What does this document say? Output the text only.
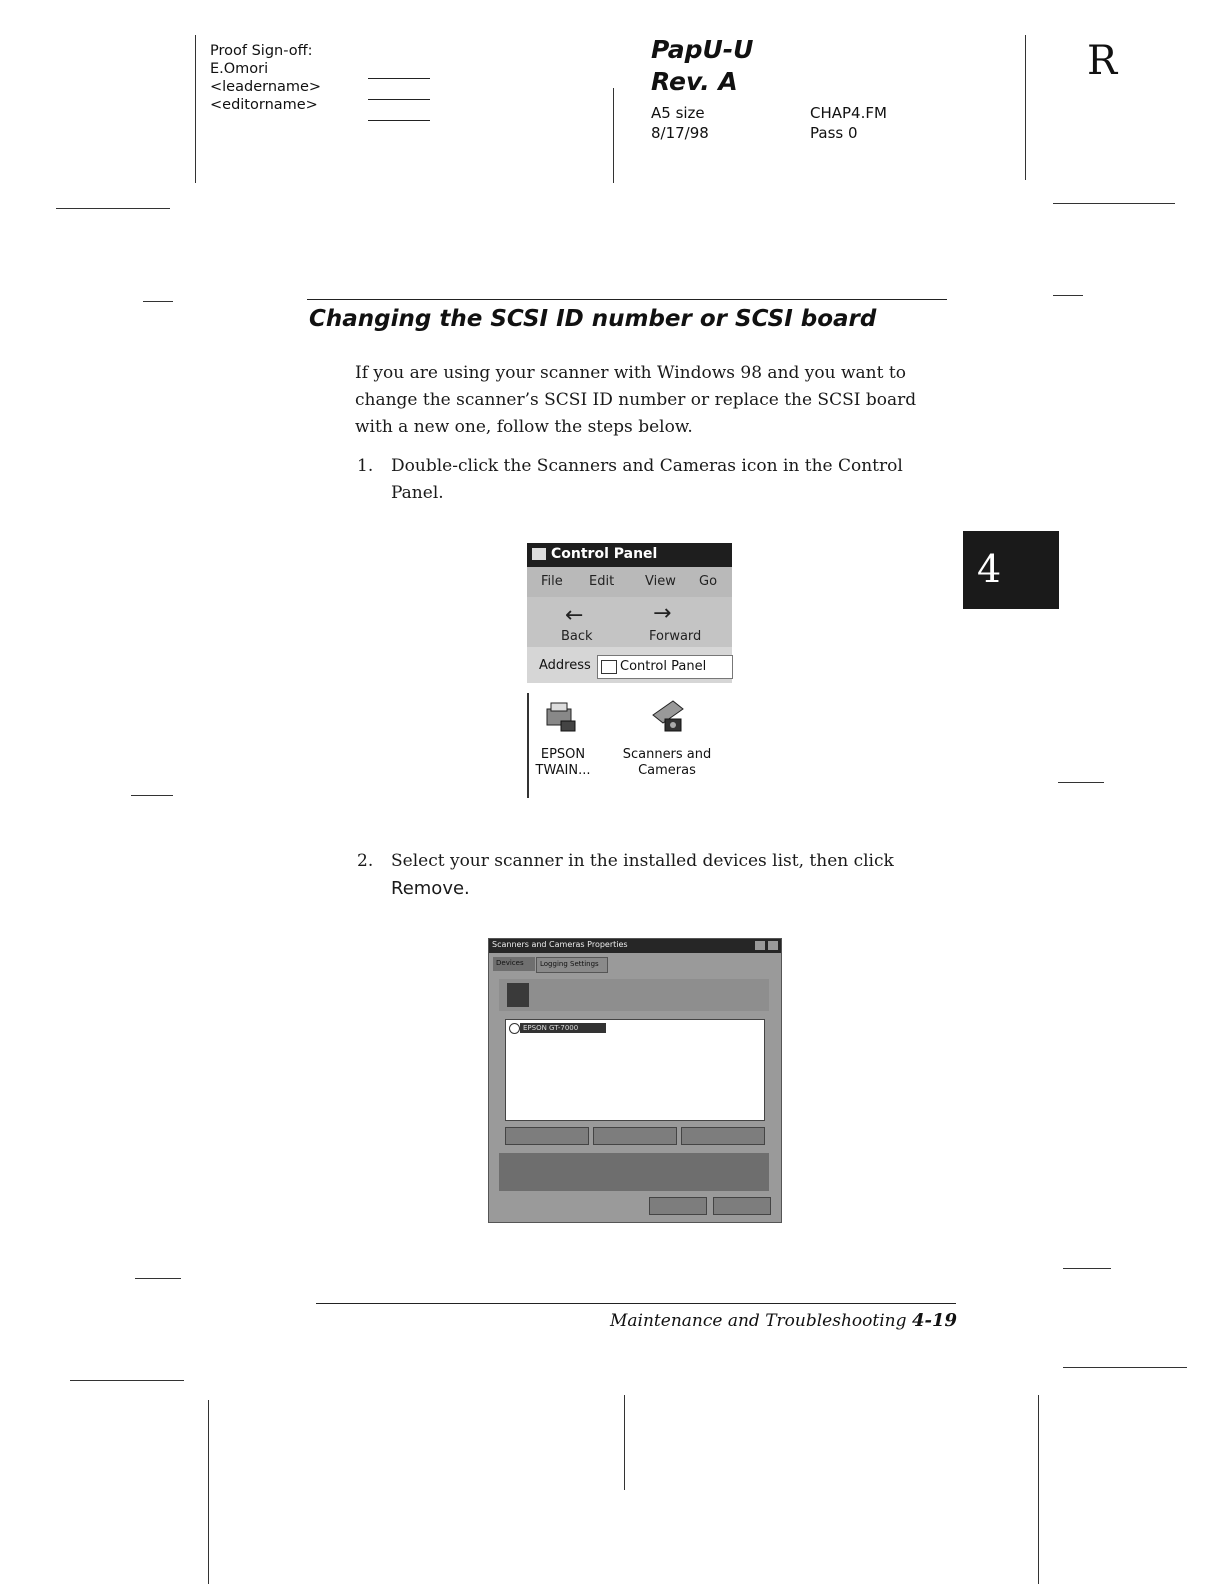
Proof Sign-off:
E.Omori
<leadername>
<editorname>
PapU-U
Rev. A
A5 size
8/17/98
CHAP4.FM
Pass 0
R
Changing the SCSI ID number or SCSI board
If you are using your scanner with Windows 98 and you want to
change the scanner’s SCSI ID number or replace the SCSI board
with a new one, follow the steps below.
1. Double-click the Scanners and Cameras icon in the Control
Panel.
4
Control Panel
File Edit View Go
←	→
Back	Forward
Address Control Panel
EPSON
TWAIN...
Scanners and
Cameras
2. Select your scanner in the installed devices list, then click
Remove.
Scanners and Cameras Properties
Devices Logging Settings
EPSON GT-7000
Maintenance and Troubleshooting 4-19
